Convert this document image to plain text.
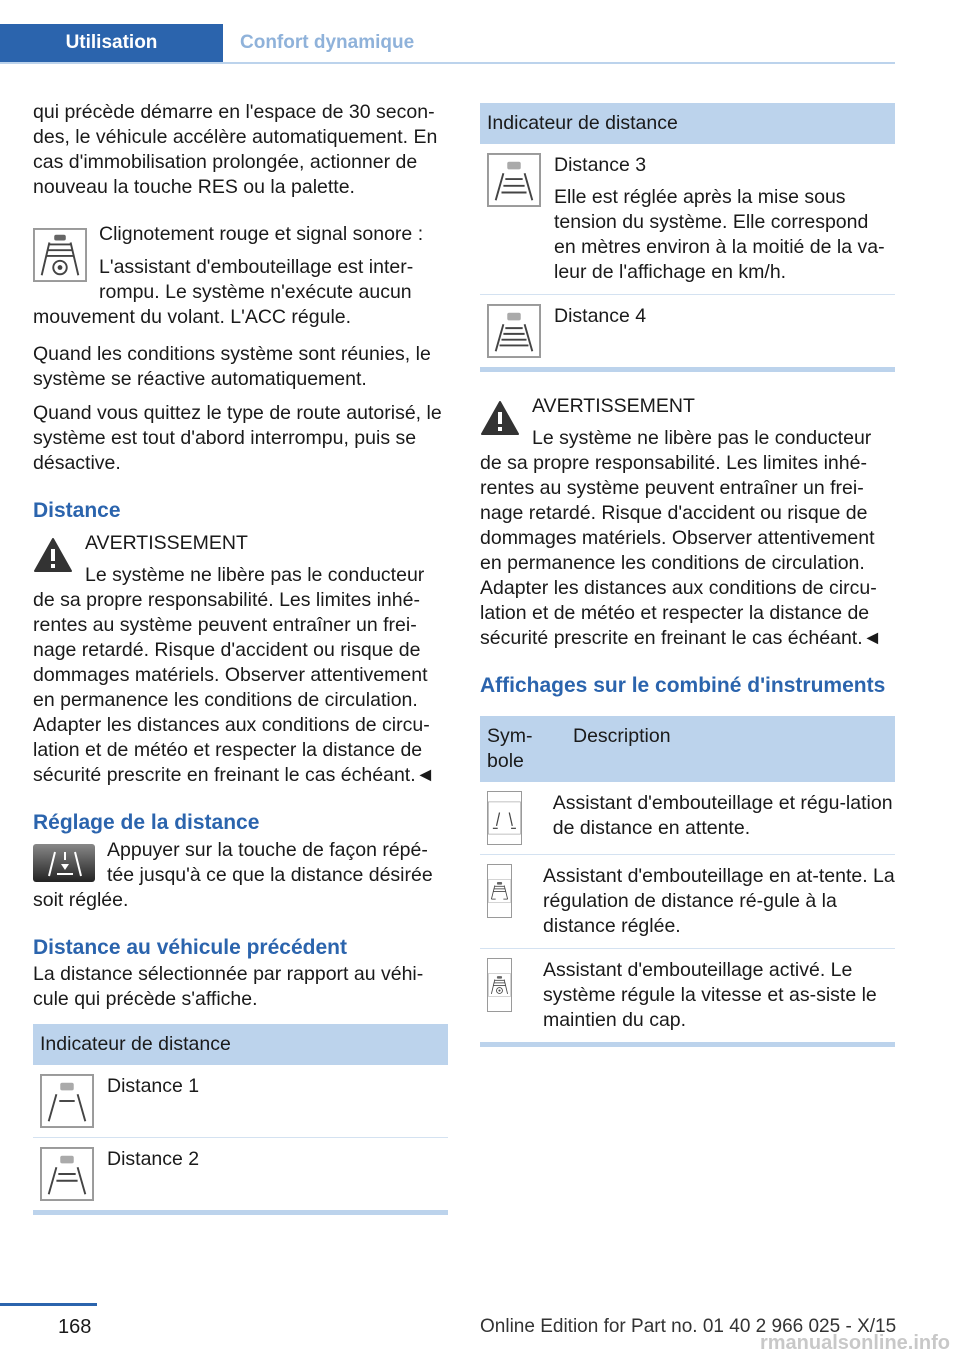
Utilisation	Confort dynamique

qui précède démarre en l'espace de 30 secon‐des, le véhicule accélère automatiquement. En cas d'immobilisation prolongée, actionner de nouveau la touche RES ou la palette.

Clignotement rouge et signal sonore :

L'assistant d'embouteillage est inter‐rompu. Le système n'exécute aucun mouvement du volant. L'ACC régule.

Quand les conditions système sont réunies, le système se réactive automatiquement.

Quand vous quittez le type de route autorisé, le système est tout d'abord interrompu, puis se désactive.

Distance

AVERTISSEMENT

Le système ne libère pas le conducteur de sa propre responsabilité. Les limites inhé‐rentes au système peuvent entraîner un frei‐nage retardé. Risque d'accident ou risque de dommages matériels. Observer attentivement en permanence les conditions de circulation. Adapter les distances aux conditions de circu‐lation et de météo et respecter la distance de sécurité prescrite en freinant le cas échéant.◄

Réglage de la distance

Appuyer sur la touche de façon répé‐tée jusqu'à ce que la distance désirée soit réglée.

Distance au véhicule précédent

La distance sélectionnée par rapport au véhi‐cule qui précède s'affiche.

Indicateur de distance

Distance 1

Distance 2

Indicateur de distance

Distance 3

Elle est réglée après la mise sous tension du système. Elle correspond en mètres environ à la moitié de la va‐leur de l'affichage en km/h.

Distance 4

AVERTISSEMENT

Le système ne libère pas le conducteur de sa propre responsabilité. Les limites inhé‐rentes au système peuvent entraîner un frei‐nage retardé. Risque d'accident ou risque de dommages matériels. Observer attentivement en permanence les conditions de circulation. Adapter les distances aux conditions de circu‐lation et de météo et respecter la distance de sécurité prescrite en freinant le cas échéant.◄

Affichages sur le combiné d'instruments
Sym‐bole
Description

Assistant d'embouteillage et régu‐lation de distance en attente.

Assistant d'embouteillage en at‐tente. La régulation de distance ré‐gule à la distance réglée.

Assistant d'embouteillage activé. Le système régule la vitesse et as‐siste le maintien du cap.

168	Online Edition for Part no. 01 40 2 966 025 - X/15
rmanualsonline.info
